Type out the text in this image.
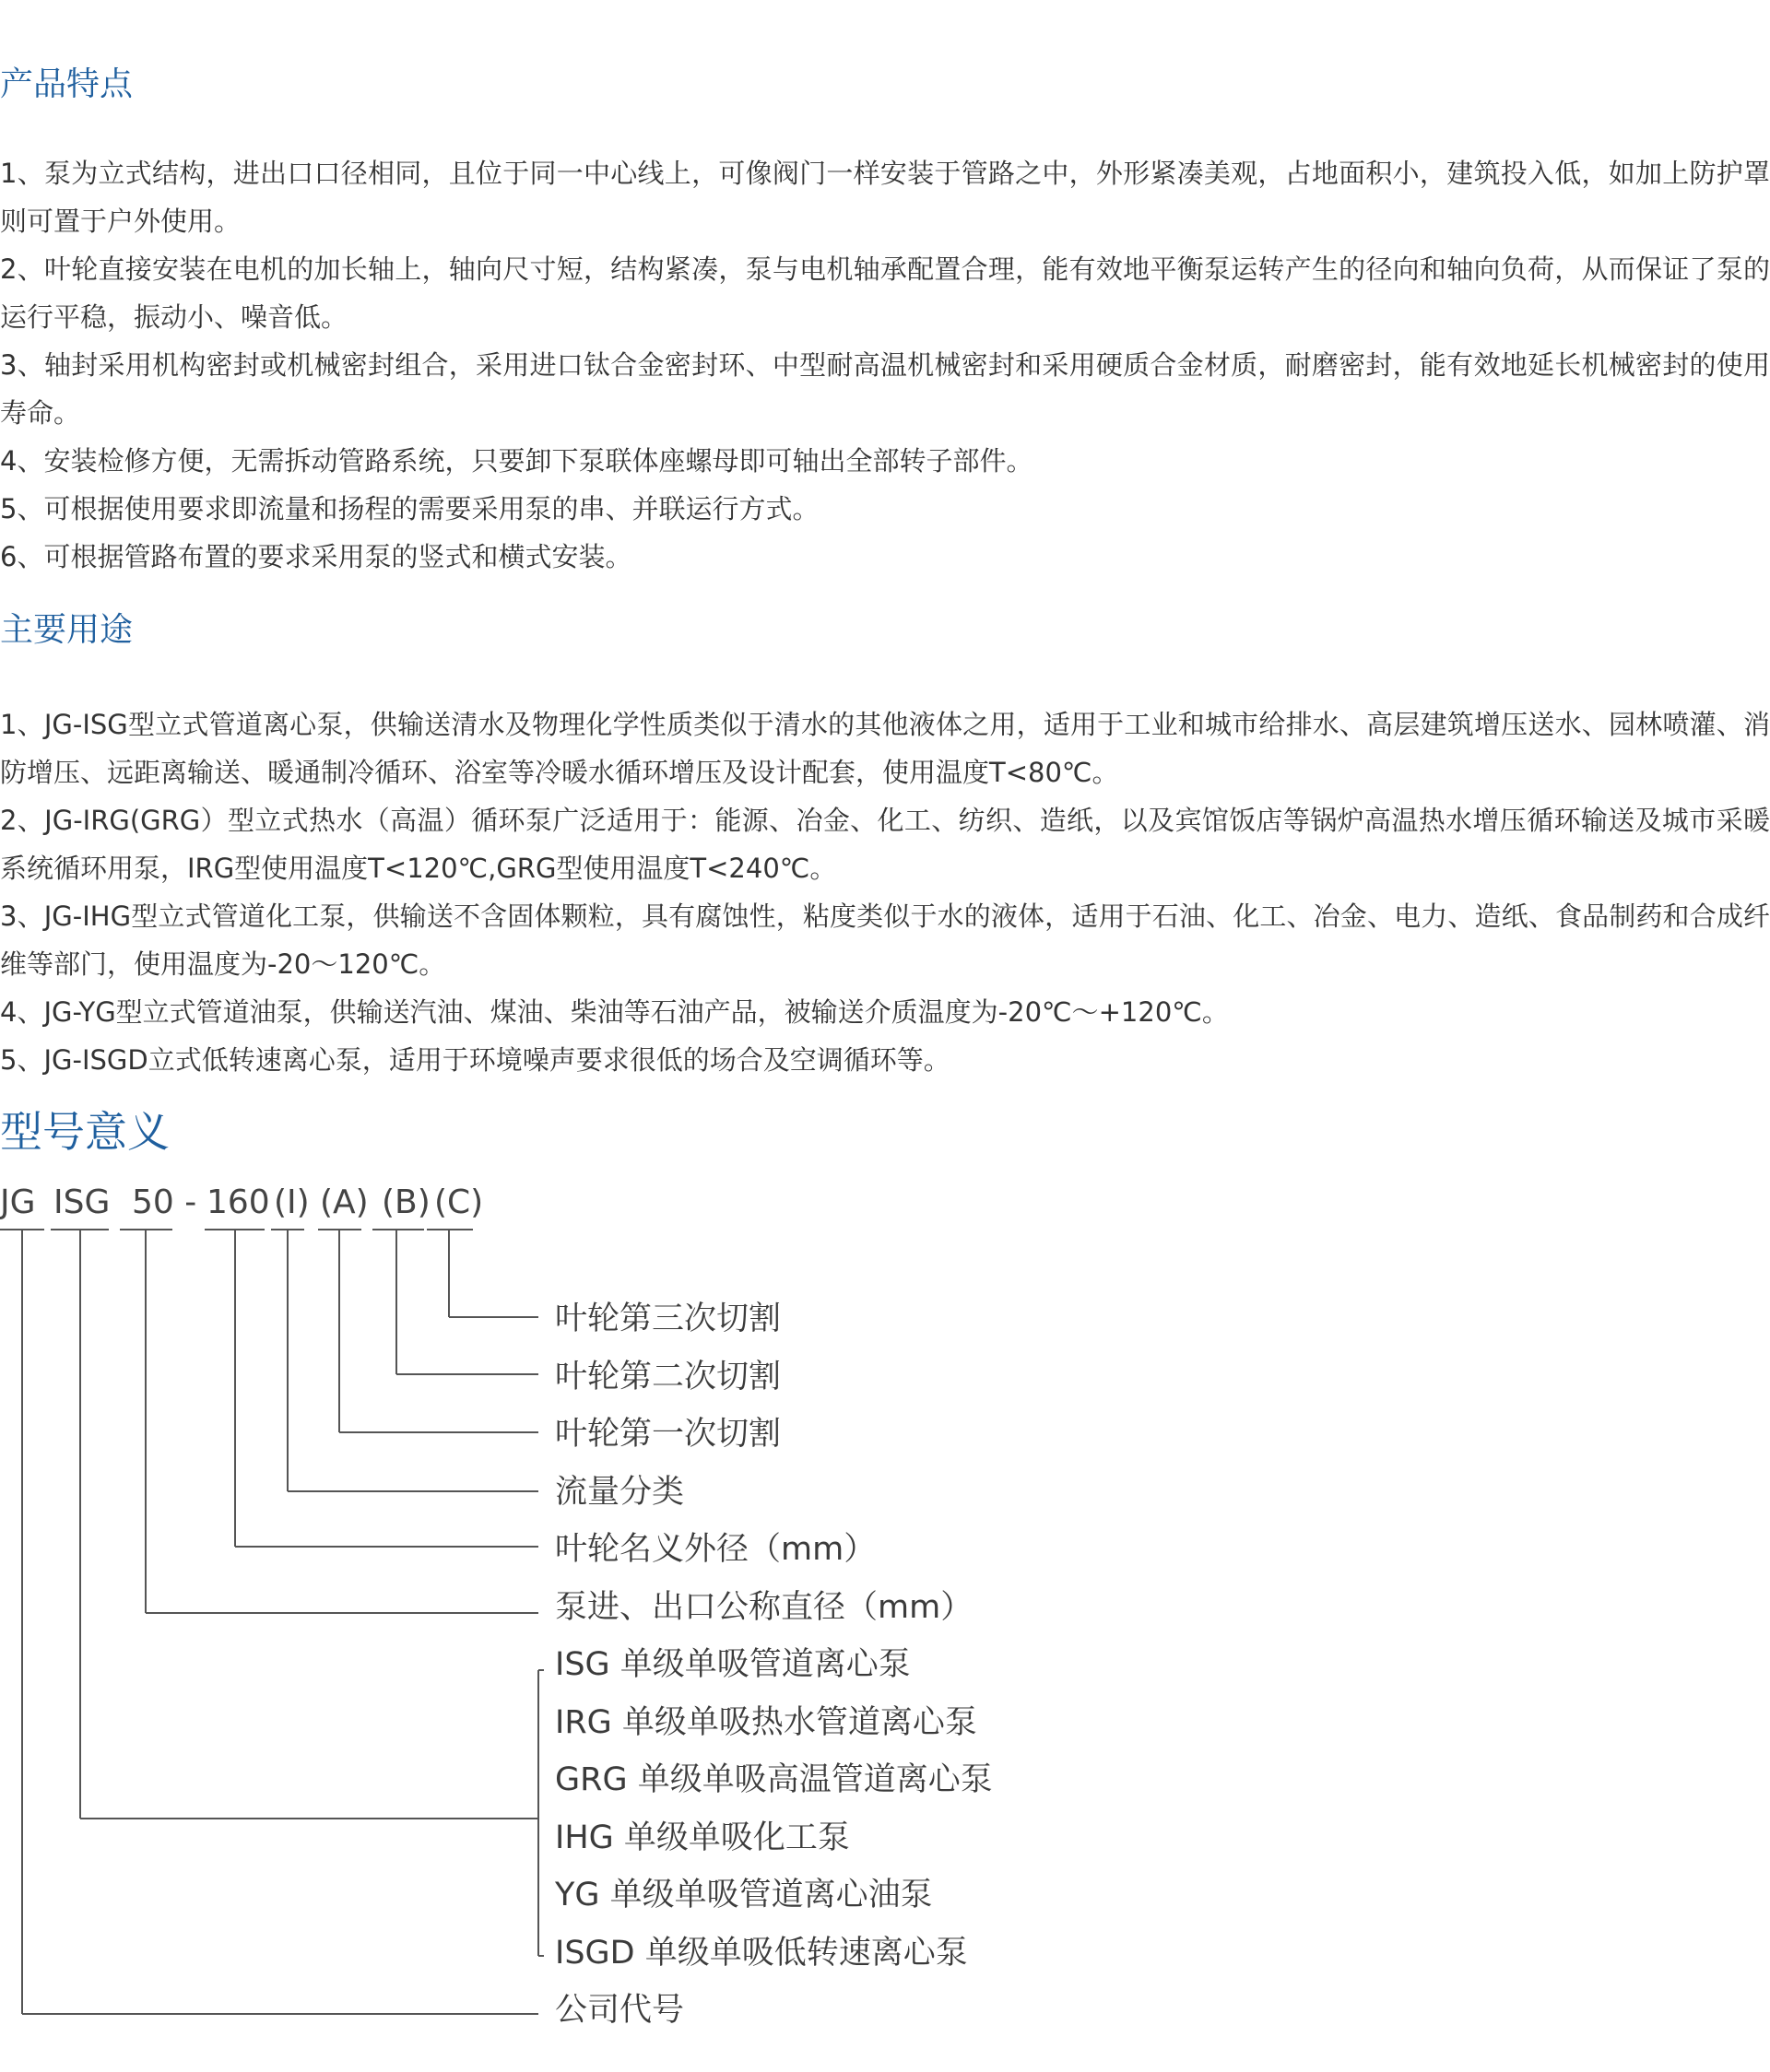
产品特点
1、泵为立式结构，进出口口径相同，且位于同一中心线上，可像阀门一样安装于管路之中，外形紧凑美观，占地面积小，建筑投入低，如加上防护罩则可置于户外使用。
2、叶轮直接安装在电机的加长轴上，轴向尺寸短，结构紧凑，泵与电机轴承配置合理，能有效地平衡泵运转产生的径向和轴向负荷，从而保证了泵的运行平稳，振动小、噪音低。
3、轴封采用机构密封或机械密封组合，采用进口钛合金密封环、中型耐高温机械密封和采用硬质合金材质，耐磨密封，能有效地延长机械密封的使用寿命。
4、安装检修方便，无需拆动管路系统，只要卸下泵联体座螺母即可轴出全部转子部件。
5、可根据使用要求即流量和扬程的需要采用泵的串、并联运行方式。
6、可根据管路布置的要求采用泵的竖式和横式安装。
主要用途
1、JG-ISG型立式管道离心泵，供输送清水及物理化学性质类似于清水的其他液体之用，适用于工业和城市给排水、高层建筑增压送水、园林喷灌、消防增压、远距离输送、暖通制冷循环、浴室等冷暖水循环增压及设计配套，使用温度T<80℃。
2、JG-IRG(GRG）型立式热水（高温）循环泵广泛适用于：能源、冶金、化工、纺织、造纸，以及宾馆饭店等锅炉高温热水增压循环输送及城市采暖系统循环用泵，IRG型使用温度T<120℃,GRG型使用温度T<240℃。
3、JG-IHG型立式管道化工泵，供输送不含固体颗粒，具有腐蚀性，粘度类似于水的液体，适用于石油、化工、冶金、电力、造纸、食品制药和合成纤维等部门，使用温度为-20～120℃。
4、JG-YG型立式管道油泵，供输送汽油、煤油、柴油等石油产品，被输送介质温度为-20℃～+120℃。
5、JG-ISGD立式低转速离心泵，适用于环境噪声要求很低的场合及空调循环等。
型号意义
JG ISG 50 - 160 (I) (A) (B) (C)
叶轮第三次切割
叶轮第二次切割
叶轮第一次切割
流量分类
叶轮名义外径（mm）
泵进、出口公称直径（mm）
ISG 单级单吸管道离心泵
IRG 单级单吸热水管道离心泵
GRG 单级单吸高温管道离心泵
IHG 单级单吸化工泵
YG 单级单吸管道离心油泵
ISGD 单级单吸低转速离心泵
公司代号
